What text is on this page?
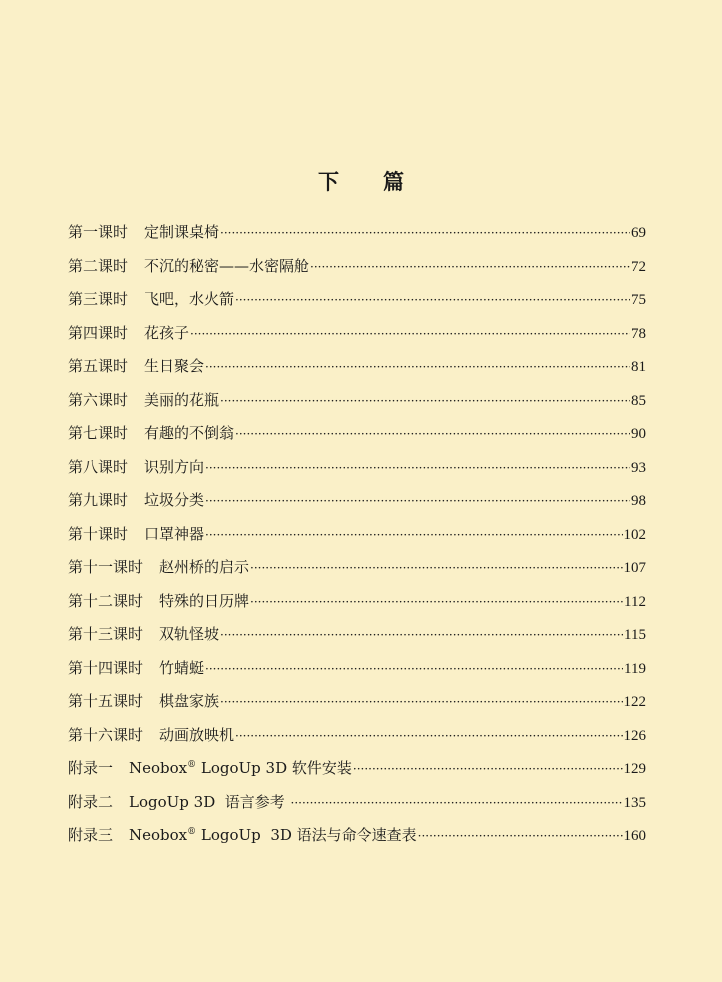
下 篇
第一课时 定制课桌椅 ·····	69
第二课时 不沉的秘密——水密隔舱 ·····	72
第三课时 飞吧，水火箭 ·····	75
第四课时 花孩子 ·····	78
第五课时 生日聚会 ·····	81
第六课时 美丽的花瓶 ·····	85
第七课时 有趣的不倒翁 ·····	90
第八课时 识别方向 ·····	93
第九课时 垃圾分类 ·····	98
第十课时 口罩神器 ·····	102
第十一课时 赵州桥的启示 ·····	107
第十二课时 特殊的日历牌 ·····	112
第十三课时 双轨怪坡 ·····	115
第十四课时 竹蜻蜓 ·····	119
第十五课时 棋盘家族 ·····	122
第十六课时 动画放映机 ·····	126
附录一 Neobox® LogoUp 3D 软件安装 ·····	129
附录二 LogoUp 3D  语言参考 ·····	135
附录三 Neobox® LogoUp  3D 语法与命令速查表 ·····	160
